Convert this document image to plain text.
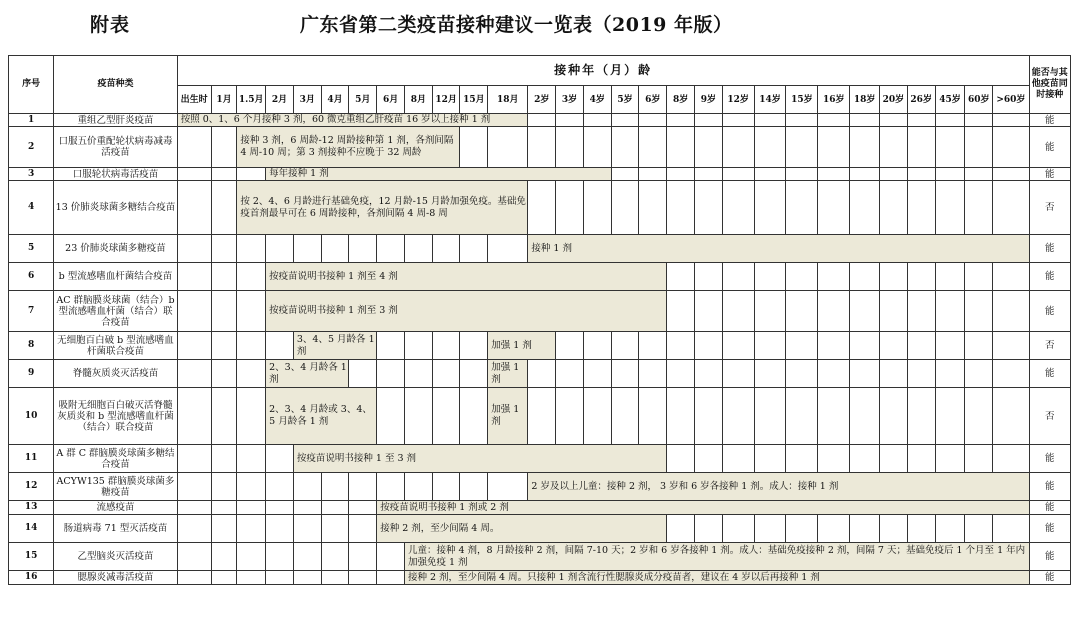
附表	广东省第二类疫苗接种建议一览表（2019 年版）
序号	疫苗种类	接种年（月）龄																													能否与其他疫苗同时接种
		出生时	1月	1.5月	2月	3月	4月	5月	6月	8月	12月	15月	18月	2岁	3岁	4岁	5岁	6岁	8岁	9岁	12岁	14岁	15岁	16岁	18岁	20岁	26岁	45岁	60岁	>60岁	
1	重组乙型肝炎疫苗	按照 0、1、6 个月接种 3 剂，60 微克重组乙肝疫苗 16 岁以上接种 1 剂																													能
2	口服五价重配轮状病毒减毒活疫苗			接种 3 剂，6 周龄-12 周龄接种第 1 剂，各剂间隔 4 周-10 周；第 3 剂接种不应晚于 32 周龄																											能
3	口服轮状病毒活疫苗				每年接种 1 剂																										能
4	13 价肺炎球菌多糖结合疫苗			按 2、4、6 月龄进行基础免疫，12 月龄-15 月龄加强免疫。基础免疫首剂最早可在 6 周龄接种，各剂间隔 4 周-8 周																											否
5	23 价肺炎球菌多糖疫苗													接种 1 剂																	能
6	b 型流感嗜血杆菌结合疫苗				按疫苗说明书接种 1 剂至 4 剂																										能
7	AC 群脑膜炎球菌（结合）b 型流感嗜血杆菌（结合）联合疫苗				按疫苗说明书接种 1 剂至 3 剂																										能
8	无细胞百白破 b 型流感嗜血杆菌联合疫苗					3、4、5 月龄各 1 剂							加强 1 剂																		否
9	脊髓灰质炎灭活疫苗				2、3、4 月龄各 1 剂								加强 1 剂																		能
10	吸附无细胞百白破灭活脊髓灰质炎和 b 型流感嗜血杆菌（结合）联合疫苗				2、3、4 月龄或 3、4、5 月龄各 1 剂								加强 1 剂																		否
11	A 群 C 群脑膜炎球菌多糖结合疫苗					按疫苗说明书接种 1 至 3 剂																									能
12	ACYW135 群脑膜炎球菌多糖疫苗													2 岁及以上儿童：接种 2 剂， 3 岁和 6 岁各接种 1 剂。成人：接种 1 剂																	能
13	流感疫苗								按疫苗说明书接种 1 剂或 2 剂																						能
14	肠道病毒 71 型灭活疫苗								接种 2 剂，至少间隔 4 周。																						能
15	乙型脑炎灭活疫苗									儿童：接种 4 剂，8 月龄接种 2 剂，间隔 7-10 天；2 岁和 6 岁各接种 1 剂。成人：基础免疫接种 2 剂，间隔 7 天；基础免疫后 1 个月至 1 年内加强免疫 1 剂																					能
16	腮腺炎减毒活疫苗									接种 2 剂，至少间隔 4 周。只接种 1 剂含流行性腮腺炎成分疫苗者，建议在 4 岁以后再接种 1 剂																					能
